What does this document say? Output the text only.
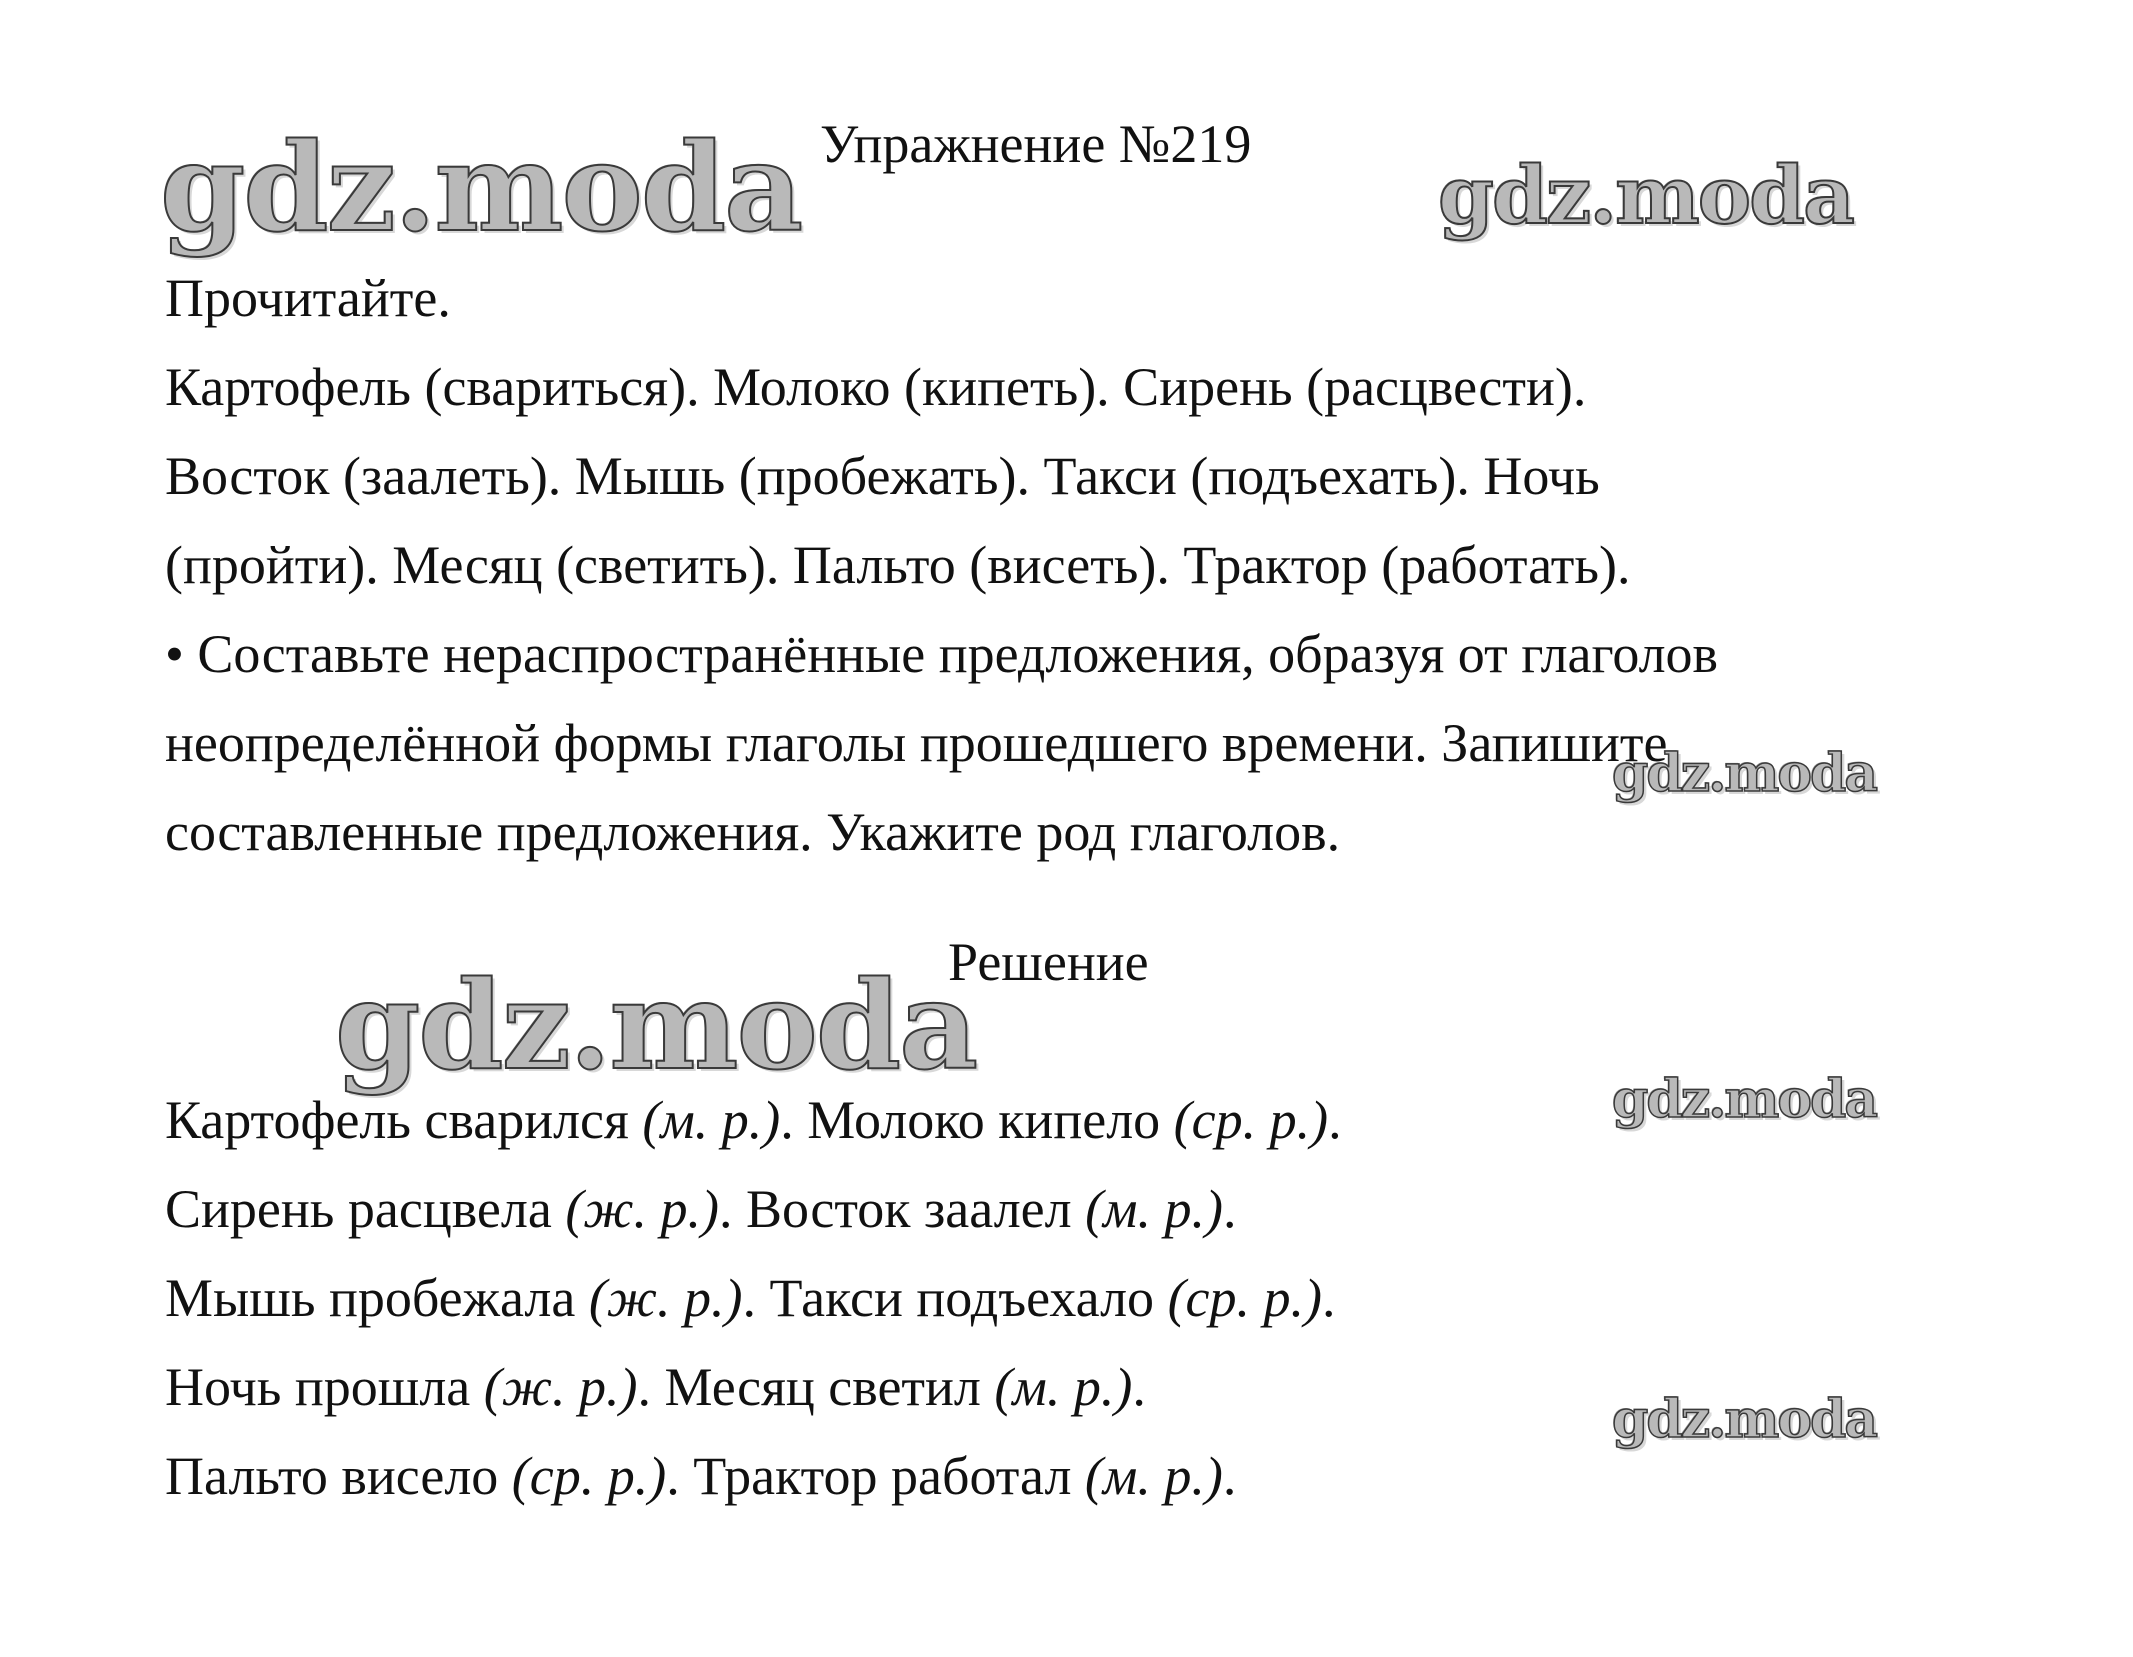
gdz.moda	gdz.moda
gdz.moda
gdz.moda
gdz.moda
gdz.moda
Упражнение №219
Прочитайте.
Картофель (свариться). Молоко (кипеть). Сирень (расцвести).
Восток (заалеть). Мышь (пробежать). Такси (подъехать). Ночь
(пройти). Месяц (светить). Пальто (висеть). Трактор (работать).
• Составьте нераспространённые предложения, образуя от глаголов
неопределённой формы глаголы прошедшего времени. Запишите
составленные предложения. Укажите род глаголов.
Решение
Картофель сварился (м. р.). Молоко кипело (ср. р.).
Сирень расцвела (ж. р.). Восток заалел (м. р.).
Мышь пробежала (ж. р.). Такси подъехало (ср. р.).
Ночь прошла (ж. р.). Месяц светил (м. р.).
Пальто висело (ср. р.). Трактор работал (м. р.).
